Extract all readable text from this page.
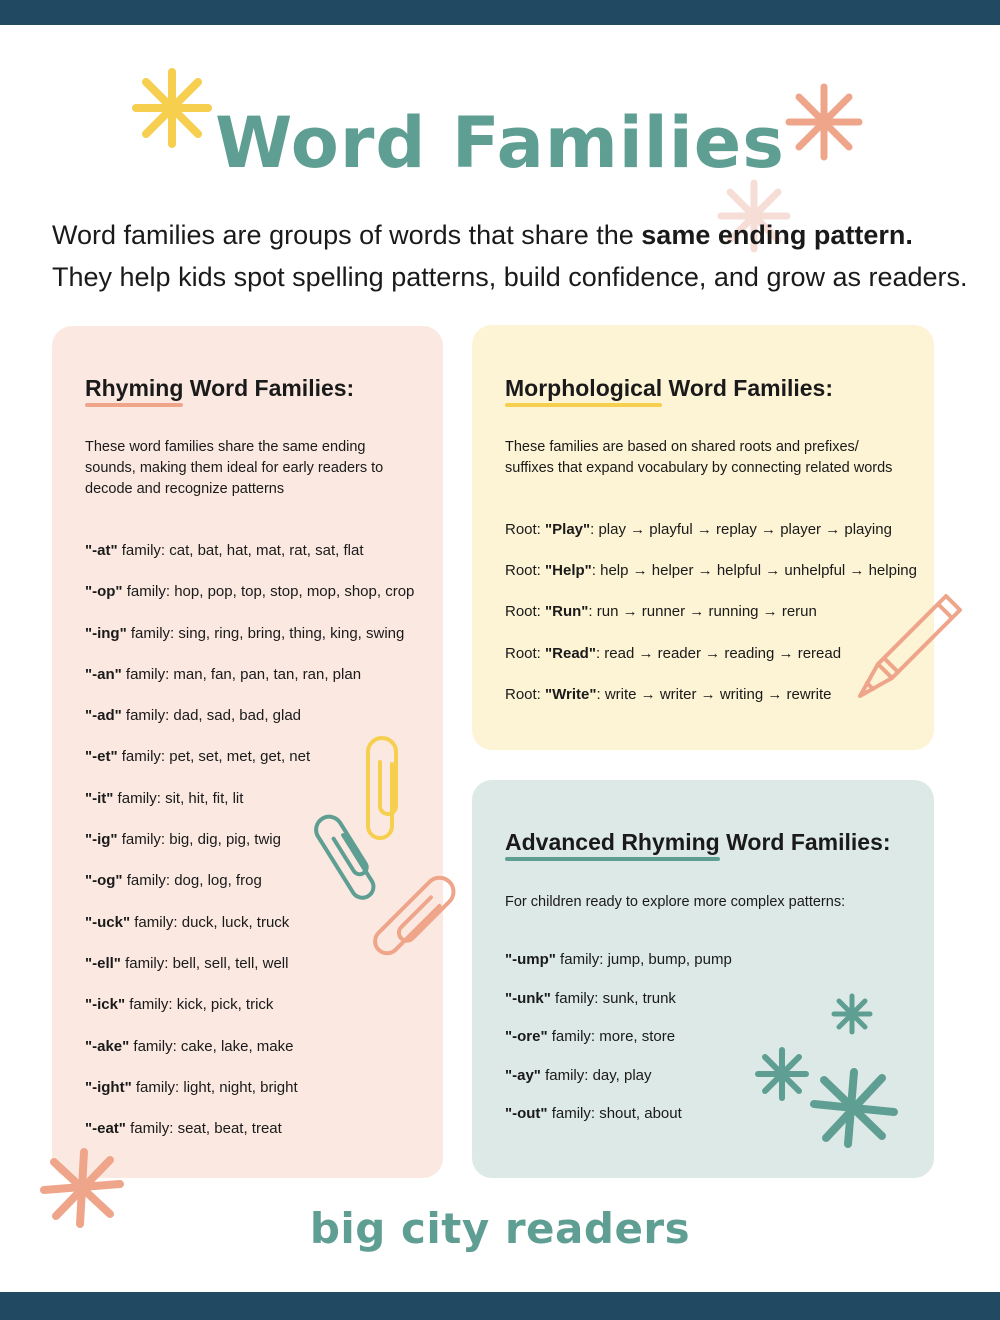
Word Families
Word families are groups of words that share the same ending pattern.
They help kids spot spelling patterns, build confidence, and grow as readers.
Rhyming Word Families:

These word families share the same ending sounds, making them ideal for early readers to decode and recognize patterns

"-at" family: cat, bat, hat, mat, rat, sat, flat
"-op" family: hop, pop, top, stop, mop, shop, crop
"-ing" family: sing, ring, bring, thing, king, swing
"-an" family: man, fan, pan, tan, ran, plan
"-ad" family: dad, sad, bad, glad
"-et" family: pet, set, met, get, net
"-it" family: sit, hit, fit, lit
"-ig" family: big, dig, pig, twig
"-og" family: dog, log, frog
"-uck" family: duck, luck, truck
"-ell" family: bell, sell, tell, well
"-ick" family: kick, pick, trick
"-ake" family: cake, lake, make
"-ight" family: light, night, bright
"-eat" family: seat, beat, treat
Morphological Word Families:

These families are based on shared roots and prefixes/ suffixes that expand vocabulary by connecting related words

Root: "Play": play → playful → replay → player → playing
Root: "Help": help → helper → helpful → unhelpful → helping
Root: "Run": run → runner → running → rerun
Root: "Read": read → reader → reading → reread
Root: "Write": write → writer → writing → rewrite
Advanced Rhyming Word Families:

For children ready to explore more complex patterns:

"-ump" family: jump, bump, pump
"-unk" family: sunk, trunk
"-ore" family: more, store
"-ay" family: day, play
"-out" family: shout, about

big city readers
